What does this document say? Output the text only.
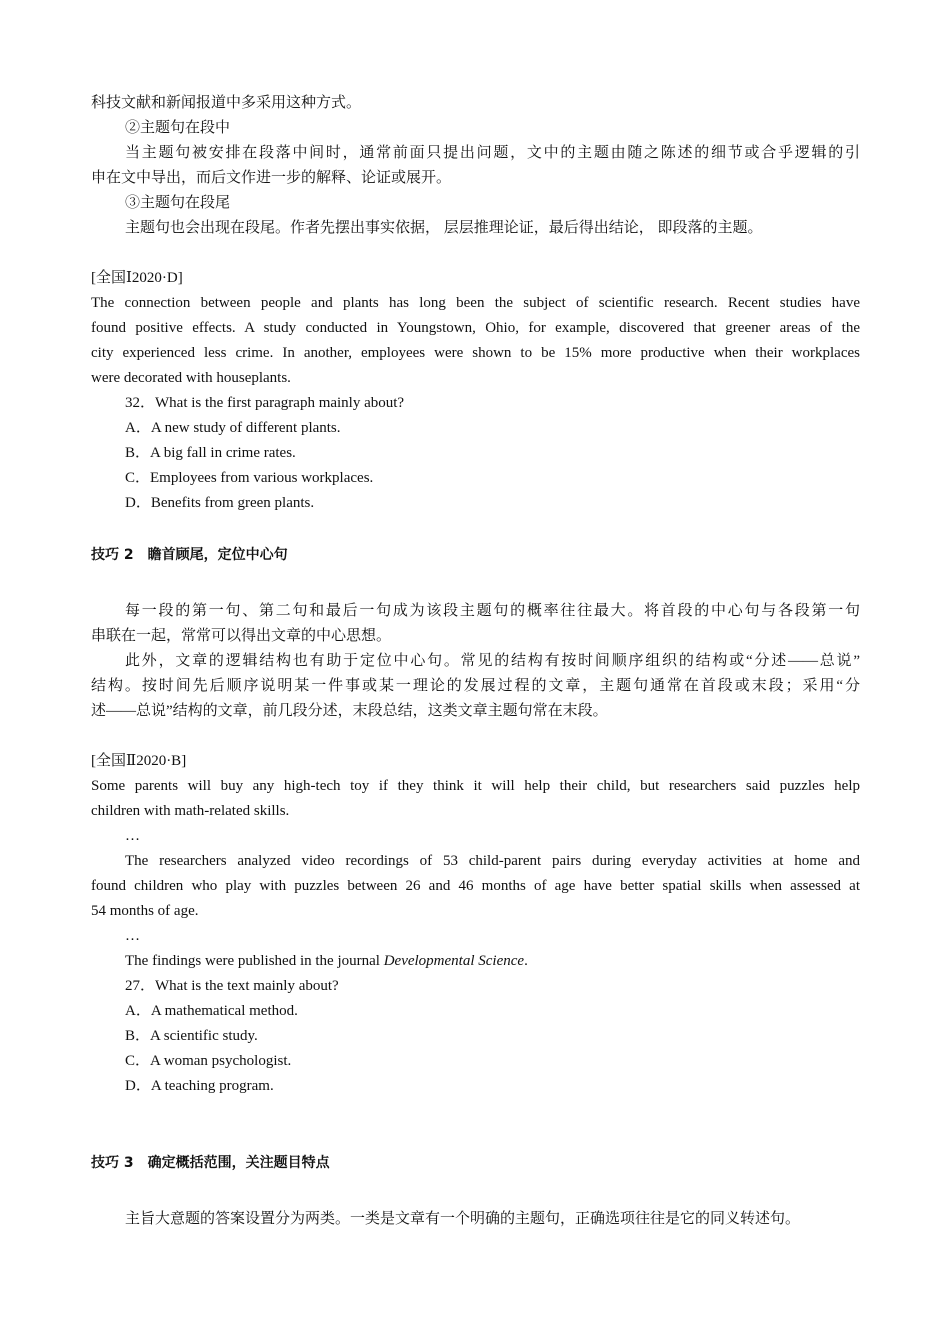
科技文献和新闻报道中多采用这种方式。
②主题句在段中
当主题句被安排在段落中间时，通常前面只提出问题，文中的主题由随之陈述的细节或合乎逻辑的引
申在文中导出，而后文作进一步的解释、论证或展开。
③主题句在段尾
主题句也会出现在段尾。作者先摆出事实依据， 层层推理论证，最后得出结论， 即段落的主题。
[全国Ⅰ2020·D]
The connection between people and plants has long been the subject of scientific research. Recent studies have
found positive effects. A study conducted in Youngstown, Ohio, for example, discovered that greener areas of the
city experienced less crime. In another, employees were shown to be 15% more productive when their workplaces
were decorated with houseplants.
32．What is the first paragraph mainly about?
A．A new study of different plants.
B．A big fall in crime rates.
C．Employees from various workplaces.
D．Benefits from green plants.
技巧 2　瞻首顾尾，定位中心句
每一段的第一句、第二句和最后一句成为该段主题句的概率往往最大。将首段的中心句与各段第一句
串联在一起，常常可以得出文章的中心思想。
此外，文章的逻辑结构也有助于定位中心句。常见的结构有按时间顺序组织的结构或“分述——总说”
结构。按时间先后顺序说明某一件事或某一理论的发展过程的文章，主题句通常在首段或末段；采用“分
述——总说”结构的文章，前几段分述，末段总结，这类文章主题句常在末段。
[全国Ⅱ2020·B]
Some parents will buy any high-tech toy if they think it will help their child, but researchers said puzzles help
children with math-related skills.
…
The researchers analyzed video recordings of 53 child-parent pairs during everyday activities at home and
found children who play with puzzles between 26 and 46 months of age have better spatial skills when assessed at
54 months of age.
…
The findings were published in the journal Developmental Science.
27．What is the text mainly about?
A．A mathematical method.
B．A scientific study.
C．A woman psychologist.
D．A teaching program.
技巧 3　确定概括范围，关注题目特点
主旨大意题的答案设置分为两类。一类是文章有一个明确的主题句，正确选项往往是它的同义转述句。
